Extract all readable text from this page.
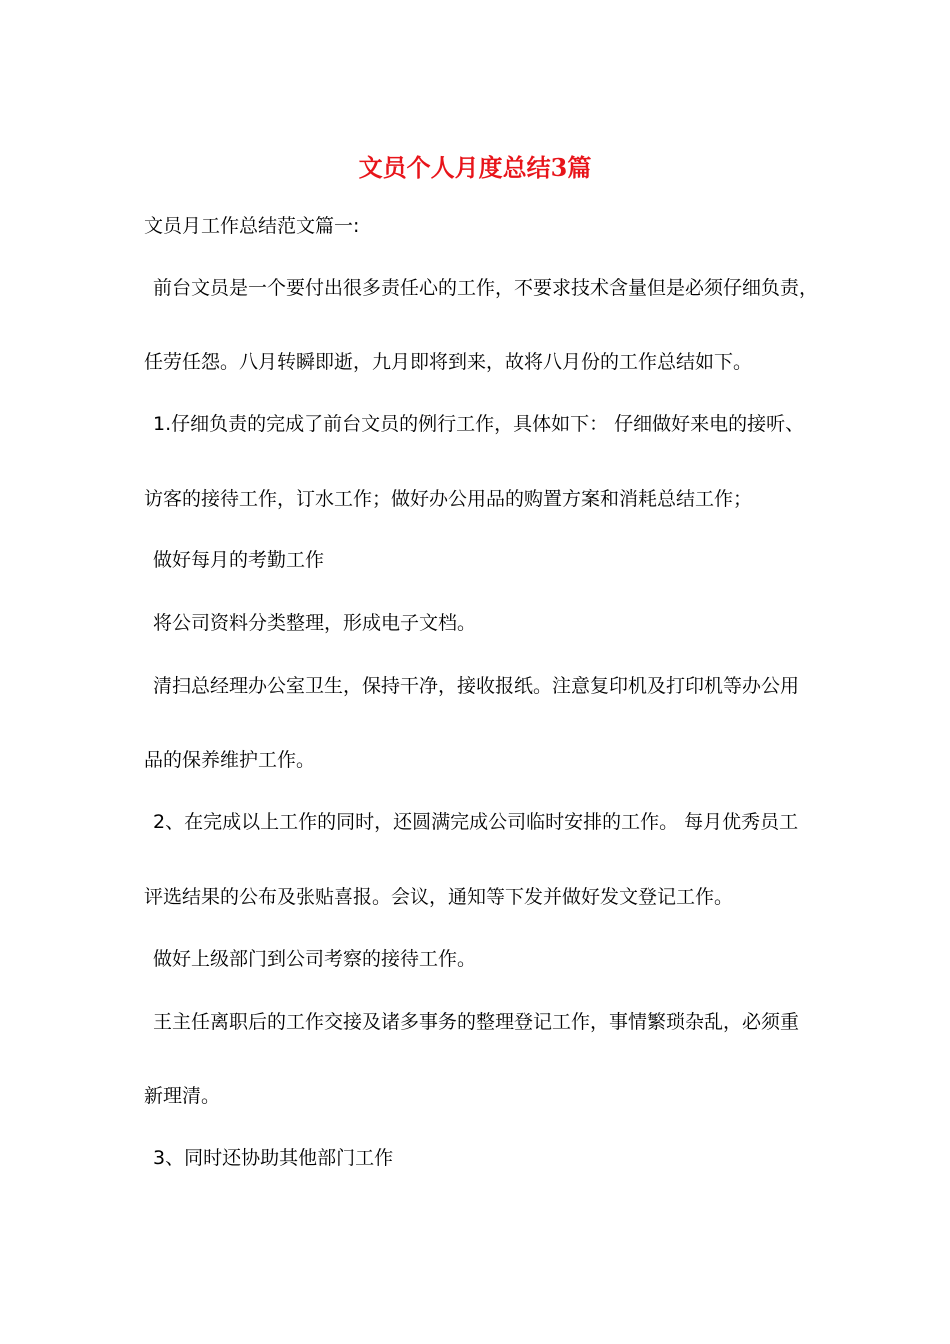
文员个人月度总结3篇
文员月工作总结范文篇一:
前台文员是一个要付出很多责任心的工作，不要求技术含量但是必须仔细负责，
任劳任怨。八月转瞬即逝，九月即将到来，故将八月份的工作总结如下。
1.仔细负责的完成了前台文员的例行工作，具体如下： 仔细做好来电的接听、
访客的接待工作，订水工作；做好办公用品的购置方案和消耗总结工作；
做好每月的考勤工作
将公司资料分类整理，形成电子文档。
清扫总经理办公室卫生，保持干净，接收报纸。注意复印机及打印机等办公用
品的保养维护工作。
2、在完成以上工作的同时，还圆满完成公司临时安排的工作。 每月优秀员工
评选结果的公布及张贴喜报。会议，通知等下发并做好发文登记工作。
做好上级部门到公司考察的接待工作。
王主任离职后的工作交接及诸多事务的整理登记工作，事情繁琐杂乱，必须重
新理清。
3、同时还协助其他部门工作
